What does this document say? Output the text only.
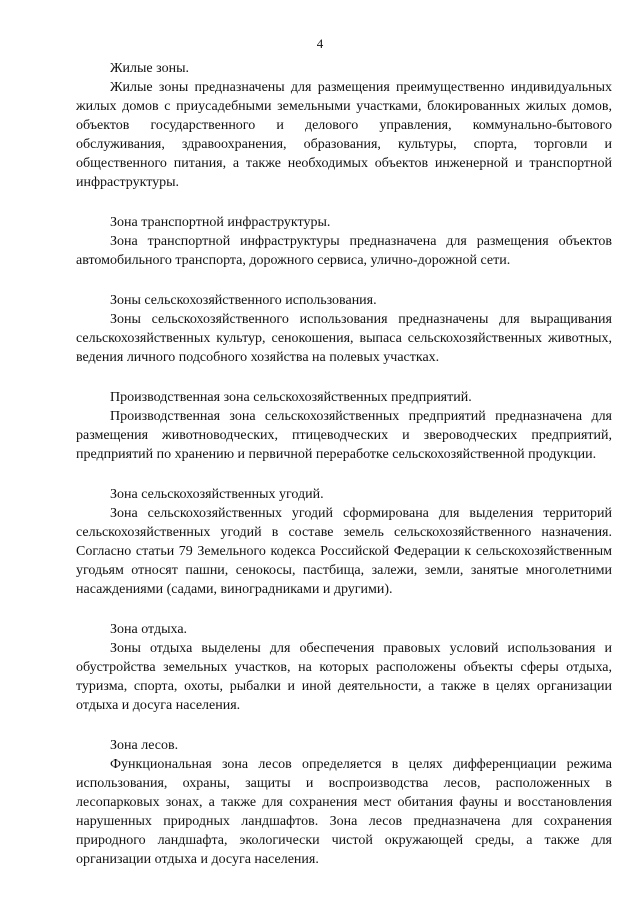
4

Жилые зоны.

Жилые зоны предназначены для размещения преимущественно индивидуальных жилых домов с приусадебными земельными участками, блокированных жилых домов, объектов государственного и делового управления, коммунально-бытового обслуживания, здравоохранения, образования, культуры, спорта, торговли и общественного питания, а также необходимых объектов инженерной и транспортной инфраструктуры.

Зона транспортной инфраструктуры.

Зона транспортной инфраструктуры предназначена для размещения объектов автомобильного транспорта, дорожного сервиса, улично-дорожной сети.

Зоны сельскохозяйственного использования.

Зоны сельскохозяйственного использования предназначены для выращивания сельскохозяйственных культур, сенокошения, выпаса сельскохозяйственных животных, ведения личного подсобного хозяйства на полевых участках.

Производственная зона сельскохозяйственных предприятий.

Производственная зона сельскохозяйственных предприятий предназначена для размещения животноводческих, птицеводческих и звероводческих предприятий, предприятий по хранению и первичной переработке сельскохозяйственной продукции.

Зона сельскохозяйственных угодий.

Зона сельскохозяйственных угодий сформирована для выделения территорий сельскохозяйственных угодий в составе земель сельскохозяйственного назначения. Согласно статьи 79 Земельного кодекса Российской Федерации к сельскохозяйственным угодьям относят пашни, сенокосы, пастбища, залежи, земли, занятые многолетними насаждениями (садами, виноградниками и другими).

Зона отдыха.

Зоны отдыха выделены для обеспечения правовых условий использования и обустройства земельных участков, на которых расположены объекты сферы отдыха, туризма, спорта, охоты, рыбалки и иной деятельности, а также в целях организации отдыха и досуга населения.

Зона лесов.

Функциональная зона лесов определяется в целях дифференциации режима использования, охраны, защиты и воспроизводства лесов, расположенных в лесопарковых зонах, а также для сохранения мест обитания фауны и восстановления нарушенных природных ландшафтов. Зона лесов предназначена для сохранения природного ландшафта, экологически чистой окружающей среды, а также для организации отдыха и досуга населения.
